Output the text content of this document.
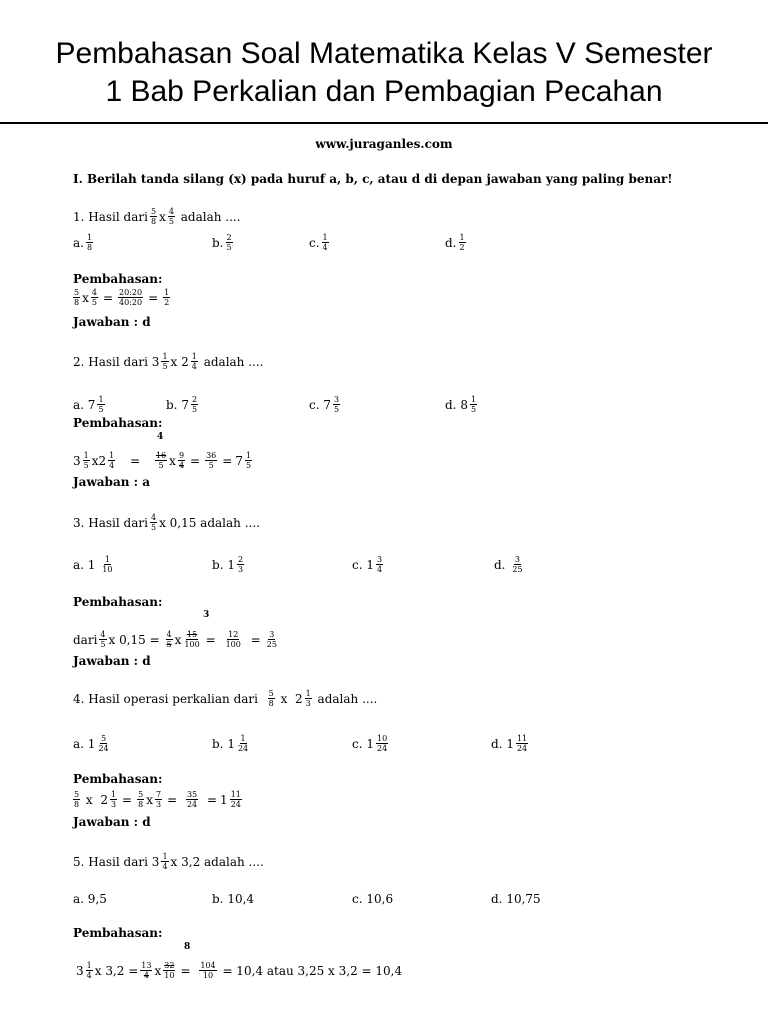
Pembahasan Soal Matematika Kelas V Semester
1 Bab Perkalian dan Pembagian Pecahan
www.juraganles.com
I. Berilah tanda silang (x) pada huruf a, b, c, atau d di depan jawaban yang paling benar!
1.
Hasil dari $\frac{5}{8}$ x $\frac{4}{5}$
adalah ....
a. $\frac{1}{8}$	b. $\frac{2}{5}$	c. $\frac{1}{4}$	d. $\frac{1}{2}$
Pembahasan:
$\frac{5}{8}$ x $\frac{4}{5} = \frac{20:20}{40:20} = \frac{1}{2}$
Jawaban : d
2.
Hasil dari
$3 \frac{1}{5}$ x
$2 \frac{1}{4}$
adalah ....
a.
$7 \frac{1}{5}$	b.
$7 \frac{2}{5}$	c.
$7 \frac{3}{5}$	d.
$8 \frac{1}{5}$
Pembahasan:
4
$3 \frac{1}{5}$ x $2 \frac{1}{4}$
=
$\frac{16}{5}$ x $\frac{9}{4} = \frac{36}{5} = 7 \frac{1}{5}$
Jawaban : a
3.
Hasil dari $\frac{4}{5}$ x 0,15 adalah ....
a.
1
$\frac{1}{10}$	b.
$1 \frac{2}{3}$	c.
$1 \frac{3}{4}$	d.
$\frac{3}{25}$
Pembahasan:
3
dari $\frac{4}{5}$ x 0,15 =
$\frac{4}{5}$ x $\frac{15}{100}$ =
$\frac{12}{100}$
= $\frac{3}{25}$
Jawaban : d
4.
Hasil operasi perkalian dari
$\frac{5}{8}$
x
$2 \frac{1}{3}$
adalah ....
a.
$1 \frac{5}{24}$	b.
$1 \frac{1}{24}$	c.
$1 \frac{10}{24}$	d.
$1 \frac{11}{24}$
Pembahasan:
$\frac{5}{8}$ x $2 \frac{1}{3} = \frac{5}{8}$ x $\frac{7}{3}$ =
$\frac{35}{24}$
= $1 \frac{11}{24}$
Jawaban : d
5.
Hasil dari
$3 \frac{1}{4}$ x 3,2 adalah ....
a.
9,5	b.
10,4	c.
10,6	d.
10,75
Pembahasan:
8
$3 \frac{1}{4}$ x $3,2 = \frac{13}{4}$ x $\frac{32}{10}$ =
$\frac{104}{10}$
= 10,4 atau 3,25 x 3,2 = 10,4
